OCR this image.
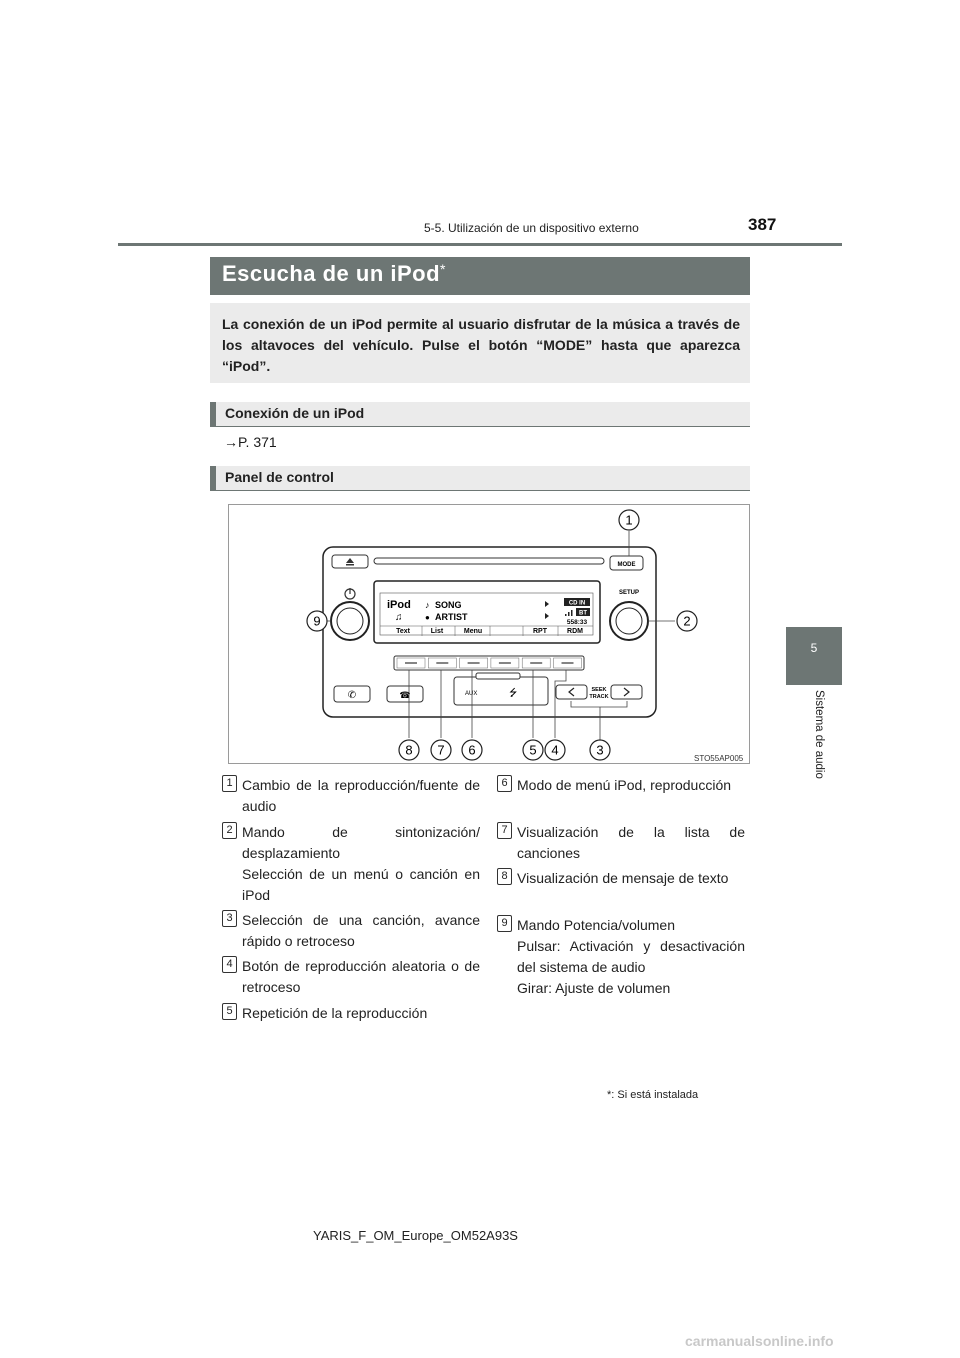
5-5. Utilización de un dispositivo externo	387
5
Sistema de audio
Escucha de un iPod*
La conexión de un iPod permite al usuario disfrutar de la música a través de los altavoces del vehículo. Pulse el botón “MODE” hasta que aparezca “iPod”.
Conexión de un iPod
→P. 371
Panel de control
MODE
SETUP
iPod ♪ SONG
♫	● ARTIST
CD IN
BT
558:33
Text	List	Menu	RPT	RDM
✆	☎	AUX	⭍	SEEK
TRACK
1
2
3
4
5
6
7
8
9
STO55AP005
1 Cambio de la reproducción/fuente de audio
2 Mando de sintonización/ desplazamiento
Selección de un menú o canción en iPod
3 Selección de una canción, avance rápido o retroceso
4 Botón de reproducción aleatoria o de retroceso
5 Repetición de la reproducción
6 Modo de menú iPod, reproducción
7 Visualización de la lista de canciones
8 Visualización de mensaje de texto
9 Mando Potencia/volumen
Pulsar: Activación y desactivación del sistema de audio
Girar: Ajuste de volumen
*: Si está instalada
YARIS_F_OM_Europe_OM52A93S
carmanualsonline.info
